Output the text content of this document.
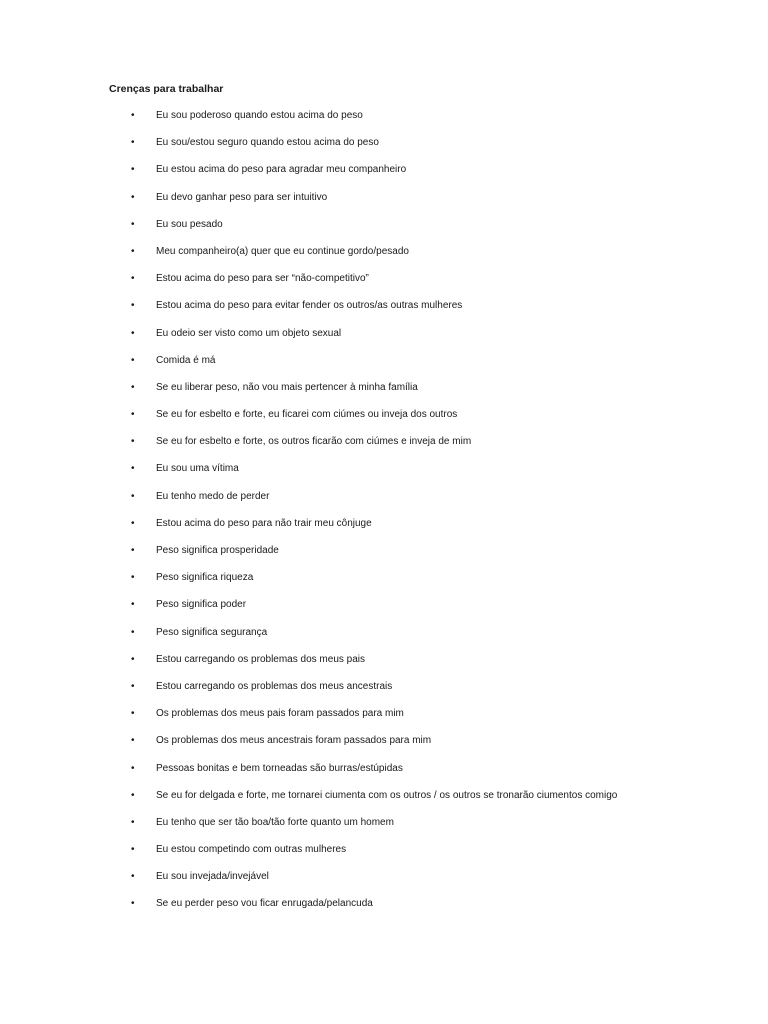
Crenças para trabalhar
• Eu sou poderoso quando estou acima do peso
• Eu sou/estou seguro quando estou acima do peso
• Eu estou acima do peso para agradar meu companheiro
• Eu devo ganhar peso para ser intuitivo
• Eu sou pesado
• Meu companheiro(a) quer que eu continue gordo/pesado
• Estou acima do peso para ser “não-competitivo”
• Estou acima do peso para evitar fender os outros/as outras mulheres
• Eu odeio ser visto como um objeto sexual
• Comida é má
• Se eu liberar peso, não vou mais pertencer à minha família
• Se eu for esbelto e forte, eu ficarei com ciúmes ou inveja dos outros
• Se eu for esbelto e forte, os outros ficarão com ciúmes e inveja de mim
• Eu sou uma vítima
• Eu tenho medo de perder
• Estou acima do peso para não trair meu cônjuge
• Peso significa prosperidade
• Peso significa riqueza
• Peso significa poder
• Peso significa segurança
• Estou carregando os problemas dos meus pais
• Estou carregando os problemas dos meus ancestrais
• Os problemas dos meus pais foram passados para mim
• Os problemas dos meus ancestrais foram passados para mim
• Pessoas bonitas e bem torneadas são burras/estúpidas
• Se eu for delgada e forte, me tornarei ciumenta com os outros / os outros se tronarão ciumentos comigo
• Eu tenho que ser tão boa/tão forte quanto um homem
• Eu estou competindo com outras mulheres
• Eu sou invejada/invejável
• Se eu perder peso vou ficar enrugada/pelancuda
